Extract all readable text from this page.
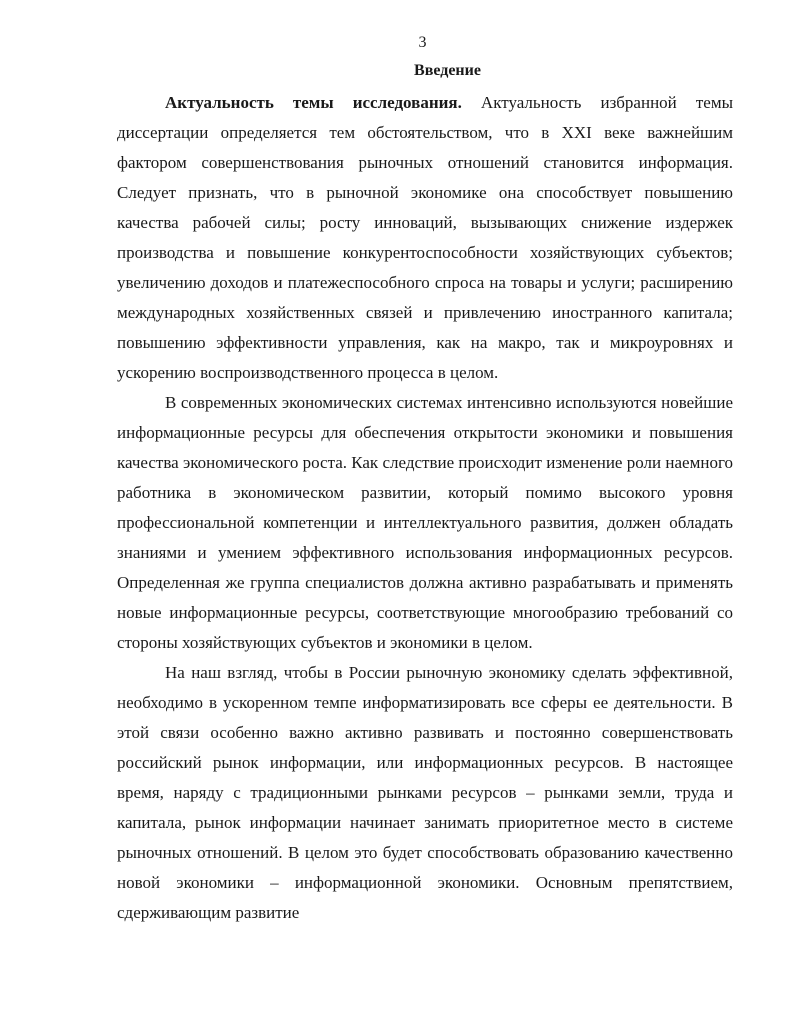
3
Введение

Актуальность темы исследования. Актуальность избранной темы диссертации определяется тем обстоятельством, что в XXI веке важнейшим фактором совершенствования рыночных отношений становится информация. Следует признать, что в рыночной экономике она способствует повышению качества рабочей силы; росту инноваций, вызывающих снижение издержек производства и повышение конкурентоспособности хозяйствующих субъектов; увеличению доходов и платежеспособного спроса на товары и услуги; расширению международных хозяйственных связей и привлечению иностранного капитала; повышению эффективности управления, как на макро, так и микроуровнях и ускорению воспроизводственного процесса в целом.

В современных экономических системах интенсивно используются новейшие информационные ресурсы для обеспечения открытости экономики и повышения качества экономического роста. Как следствие происходит изменение роли наемного работника в экономическом развитии, который помимо высокого уровня профессиональной компетенции и интеллектуального развития, должен обладать знаниями и умением эффективного использования информационных ресурсов. Определенная же группа специалистов должна активно разрабатывать и применять новые информационные ресурсы, соответствующие многообразию требований со стороны хозяйствующих субъектов и экономики в целом.

На наш взгляд, чтобы в России рыночную экономику сделать эффективной, необходимо в ускоренном темпе информатизировать все сферы ее деятельности. В этой связи особенно важно активно развивать и постоянно совершенствовать российский рынок информации, или информационных ресурсов. В настоящее время, наряду с традиционными рынками ресурсов – рынками земли, труда и капитала, рынок информации начинает занимать приоритетное место в системе рыночных отношений. В целом это будет способствовать образованию качественно новой экономики – информационной экономики. Основным препятствием, сдерживающим развитие
